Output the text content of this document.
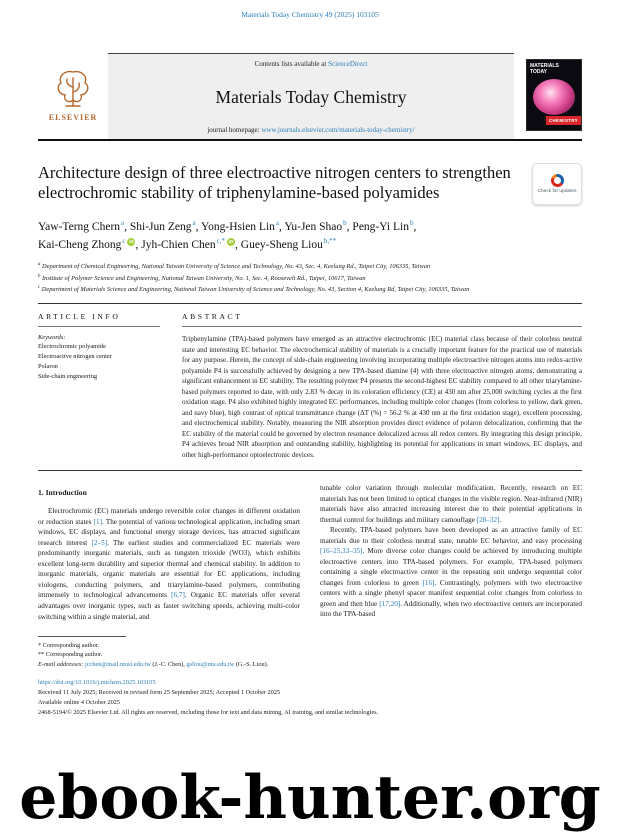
Materials Today Chemistry 49 (2025) 103105
ELSEVIER
Contents lists available at ScienceDirect
Materials Today Chemistry
journal homepage: www.journals.elsevier.com/materials-today-chemistry/
MATERIALS TODAY
CHEMISTRY
Architecture design of three electroactive nitrogen centers to strengthen electrochromic stability of triphenylamine-based polyamides	Check for updates
Yaw-Terng Chern$^a$, Shi-Jun Zeng$^a$, Yong-Hsien Lin$^a$, Yu-Jen Shao$^b$, Peng-Yi Lin$^b$,
Kai-Cheng Zhong$^c$ iD , Jyh-Chien Chen$^{c,*}$ iD , Guey-Sheng Liou$^{b,**}$
$^a$ Department of Chemical Engineering, National Taiwan University of Science and Technology, No. 43, Sec. 4, Keelung Rd., Taipei City, 106335, Taiwan
$^b$ Institute of Polymer Science and Engineering, National Taiwan University, No. 1, Sec. 4, Roosevelt Rd., Taipei, 10617, Taiwan
$^c$ Department of Materials Science and Engineering, National Taiwan University of Science and Technology, No. 43, Section 4, Keelung Rd, Taipei City, 106335, Taiwan
ARTICLE INFO
Keywords:
Electrochromic polyamide
Electroactive nitrogen center
Polaron
Side-chain engineering
ABSTRACT

Triphenylamine (TPA)-based polymers have emerged as an attractive electrochromic (EC) material class because of their colorless neutral state and interesting EC behavior. The electrochemical stability of materials is a crucially important feature for the practical use of materials for any purpose. Herein, the concept of side-chain engineering involving incorporating multiple electroactive nitrogen atoms into redox-active polyamide P4 is successfully achieved by designing a new TPA-based diamine (4) with three electroactive nitrogen atoms, demonstrating a significant enhancement in EC stability. The resulting polymer P4 presents the second-highest EC stability compared to all other triarylamine-based polymers reported to date, with only 2.83 % decay in its coloration efficiency (CE) at 430 nm after 25,000 switching cycles at the first oxidation stage. P4 also exhibited highly integrated EC performances, including multiple color changes (from colorless to yellow, dark green, and navy blue), high contrast of optical transmittance change (ΔT (%) = 56.2 % at 430 nm at the first oxidation stage), excellent processing, and electrochemical stability. Notably, measuring the NIR absorption provides direct evidence of polaron delocalization, confirming that the EC stability of the material could be governed by electron resonance delocalized across all redox centers. By integrating this design principle, P4 achieves broad NIR absorption and outstanding stability, highlighting its potential for applications in smart windows, EC displays, and other high-performance optoelectronic devices.

1. Introduction

Electrochromic (EC) materials undergo reversible color changes in different oxidation or reduction states [1]. The potential of various technological application, including smart windows, EC displays, and functional energy storage devices, has attracted significant research interest [2–5]. The earliest studies and commercialized EC materials were predominantly inorganic materials, such as tungsten trioxide (WO3), which exhibits excellent long-term durability and superior thermal and chemical stability. In addition to inorganic materials, organic materials are essential for EC applications, including viologens, conducting polymers, and triarylamine-based polymers, contributing immensely to technological advancements [6,7]. Organic EC materials offer several advantages over inorganic types, such as faster switching speeds, achieving multi-color switching within a single material, and

* Corresponding author.
** Corresponding author.
E-mail addresses: jcchen@mail.ntust.edu.tw (J.-C. Chen), gsliou@ntu.edu.tw (G.-S. Liou).

tunable color variation through molecular modification. Recently, research on EC materials has not been limited to optical changes in the visible region. Near-infrared (NIR) materials have also attracted increasing interest due to their potential applications in thermal control for buildings and military camouflage [28–32].

Recently, TPA-based polymers have been developed as an attractive family of EC materials due to their colorless neutral state, tunable EC behavior, and easy processing [16–25,33–35]. More diverse color changes could be achieved by introducing multiple electroactive centers into TPA-based polymers. For example, TPA-based polymers containing a single electroactive center in the repeating unit undergo sequential color changes from colorless to green [16]. Contrastingly, polymers with two electroactive centers with a single phenyl spacer manifest sequential color changes from colorless to green and then blue [17,20]. Additionally, when two electroactive centers are incorporated into the TPA-based

https://doi.org/10.1016/j.mtchem.2025.103105
Received 11 July 2025; Received in revised form 25 September 2025; Accepted 1 October 2025
Available online 4 October 2025
2468-5194/© 2025 Elsevier Ltd. All rights are reserved, including those for text and data mining, AI training, and similar technologies.
ebook-hunter.org
